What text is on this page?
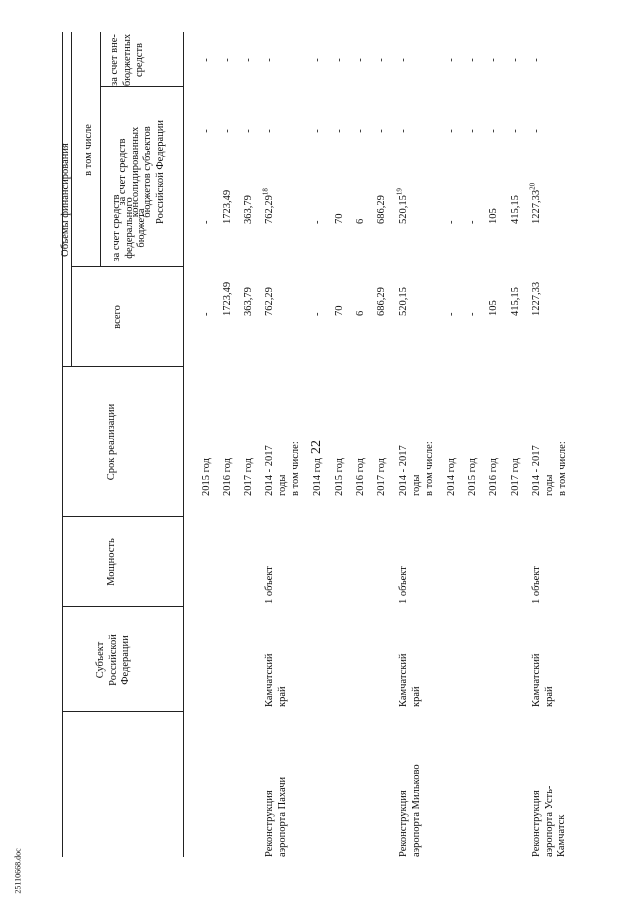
22
25110668.doc
Субъект Российской Федерации
Мощность
Срок реализации
Объемы финансирования
всего
за счет средств федерального бюджета
в том числе за счет средств консолидированных бюджетов субъектов Российской Федерации
за счет вне- бюджетных средств
2015 год
-
-
-
-
2016 год
1723,49
1723,49
-
-
2017 год
363,79
363,79
-
-
Реконструкция аэропорта Пахачи
Камчатский край
1 объект
2014 - 2017 годы
762,29
762,29$^{18}$
-
-
в том числе: 2014 год
-
-
-
-
2015 год
70
70
-
-
2016 год
6
6
-
-
2017 год
686,29
686,29
-
-
Реконструкция аэропорта Мильково
Камчатский край
1 объект
2014 - 2017 годы
520,15
520,15$^{19}$
-
-
в том числе: 2014 год
-
-
-
-
2015 год
-
-
-
-
2016 год
105
105
-
-
2017 год
415,15
415,15
-
-
Реконструкция аэропорта Усть- Камчатск
Камчатский край
1 объект
2014 - 2017 годы
1227,33
1227,33$^{20}$
-
-
в том числе:
